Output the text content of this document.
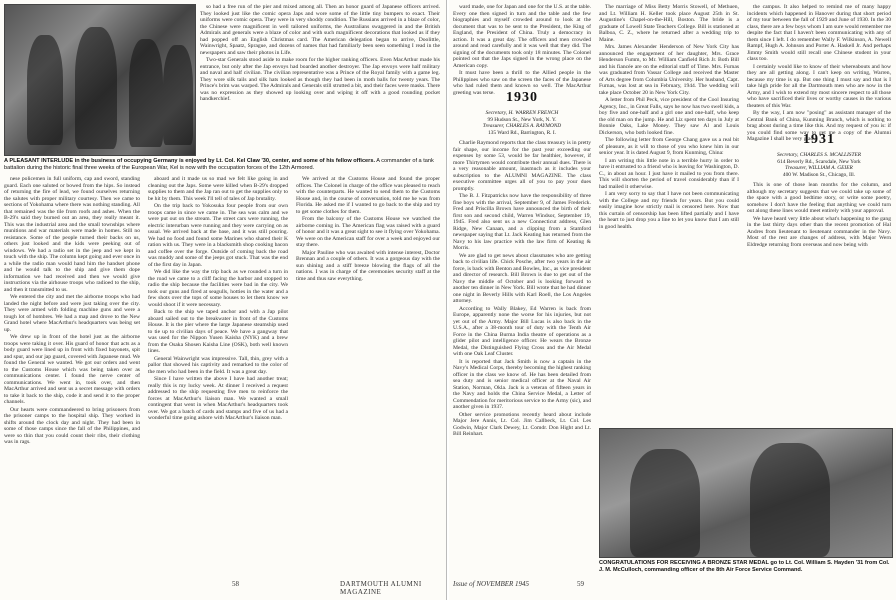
A PLEASANT INTERLUDE in the business of occupying Germany is enjoyed by Lt. Col. Kel Claw '30, center, and some of his fellow officers. A commander of a tank battalion during the historic final three weeks of the European War, Kel is now with the occupation forces of the 12th Armored.

nese policemen in full uniform, cap and sword, standing guard. Each one saluted or bowed from the hips. So instead of returning the fire of lead, we found ourselves returning the salutes with proper military courtesy. Then we came to sections of Yokohama where there was nothing standing. All that remained was the tile from roofs and ashes. When the B-29's said they burned out an area, they really meant it. This was the industrial area and the small townships where munitions and war materials were made in homes. Still no resistance. Some of the people turned their backs on us, others just looked and the kids were peeking out of windows. We had a radio set in the jeep and we kept in touch with the ship. The column kept going and ever once in a while the radio man would hand him the handset phone and he would talk to the ship and give them dope information we had received and then we would give instructions via the airhouse troops who radioed to the ship, and then it transmitted to us.

We entered the city and met the airborne troops who had landed the night before and were just taking over the city. They were armed with folding machine guns and were a tough lot of hombres. We had a map and drove to the New Grand hotel where MacArthur's headquarters was being set up.

We drew up in front of the hotel just as the airborne troops were taking it over. His guard of honor that acts as a body guard were lined up in front with fixed bayonets, spit and spur, and our jap guard, covered with Japanese mud. We found the General we wanted. We got our orders and went to the Customs House which was being taken over as communications center. I found the nerve center of communications. We went in, took over, and then MacArthur arrived and sent us a secret message with orders to take it back to the ship, code it and send it to the proper channels.

Our hearts were commandeered to bring prisoners from the prisoner camps to the hospital ship. They worked in shifts around the clock day and night. They had been in some of those camps since the fall of the Philippines, and were so thin that you could count their ribs, their clothing was in rags.

aboard and it made us so mad we felt like going in and cleaning out the Japs. Some were killed when B-29's dropped supplies to them and the Jap ran out to get the supplies only to be hit by them. This week I'll tell of tales of Jap brutality.

On the trip back to Yokosuka four people from our own troops came in since we came in. The sea was calm and we were put out on the stream. The street cars were running, the electric interurban were running and they were carrying on as usual. We arrived back at the base, and it was still pouring. We had no food and found some Marines who shared their K ration with us. They were in a blacksmith shop cooking bacon and coffee over the forge. Outside of coming back the road was muddy and some of the jeeps got stuck. That was the end of the first day in Japan.

We did like the way the trip back as we rounded a turn in the road we came to a cliff facing the harbor and stopped to radio the ship because the facilities were bad in the city. We took our guns and fired at seagulls, hotties in the water and a few shots over the tops of some houses to let them know we would shoot if it were necessary.

Back to the ship we taped anchor and with a Jap pilot aboard sailed out to the breakwater in front of the Customs House. It is the pier where the large Japanese steamship used to tie up to civilian days of peace. We have a gangway that was used for the Nippon Yusen Kaisha (NYK) and a brew from the Osaka Shosen Kaisha Line (OSK), both well known lines.

General Wainwright was impressive. Tall, thin, grey with a pallor that showed his captivity and remarked to the color of the men who had been in the field. It was a great day.

Since I have written the above I have had another treat; really this is my lucky week. At dinner I received a request addressed to the ship requesting five men to reinforce the forces at MacArthur's liaison man. We wanted a small contingent that went in when MacArthur's headquarters took over. We got a batch of cards and stamps and five of us had a wonderful time going ashore with MacArthur's liaison man.

so had a free run of the pier and mixed among all. Then an honor guard of Japanese officers arrived. They looked just like the comic opera Japs and wore some of the little tiny bumpers to exact. Their uniforms were comic opera. They were in very shoddy condition. The Russians arrived in a blaze of color, the Chinese were magnificent in well tailored uniforms, the Australians swaggered in and the British Admirals and generals were a blaze of color and with such magnificent decorations that looked as if they had popped off an English Christmas card. The American delegation began to arrive, Doolittle, Wainwright, Spaatz, Sprague, and dozens of names that had familiarly been seen something I read in the newspapers and saw their photos in Life.

Two-star Generals stood aside to make room for the higher ranking officers. Even MacArthur made his entrance, but only after the Jap envoys had boarded another destroyer. The Jap envoys were half military and naval and half civilian. The civilian representative was a Prince of the Royal family with a game leg. They wore silk tails and silk hats looked as though they had been in moth balls for twenty years. The Prince's brim was warped. The Admirals and Generals still strutted a bit, and their faces were masks. There was no expression as they showed up looking over and wiping it off with a good rounding pocket handkerchief.

We arrived at the Customs House and found the proper offices. The Colonel in charge of the office was pleased to reach with the counterparts. He wanted to send them to the Customs House and, in the course of conversation, told me he was from Florida. He asked me if I wanted to go back to the ship and try to get some clothes for them.

From the balcony of the Customs House we watched the airborne coming in. The American flag was raised with a guard of honor and it was a great sight to see it flying over Yokohama. We were on the American staff for over a week and enjoyed our stay there.

Major Pauline who was awaited with intense interest, Doctor Brennan and a couple of others. It was a gorgeous day with the sun shining and a stiff breeze blowing the flags of all the nations. I was in charge of the ceremonies security staff at the time and thus saw everything.

58	DARTMOUTH ALUMNI MAGAZINE

ward made, one for Japan and one for the U.S. at the table. Every one then signed in turn and the table and the few biographies and myself crowded around to look at the document that was to be sent to the President, the King of England, the President of China. Truly a democracy in action. It was a great day. The officers and men crowded around and read carefully and it was well that they did. The signing of the documents took only 18 minutes. The Colonel pointed out that the Japs signed in the wrong place on the American copy.

It must have been a thrill to the Allied people in the Philippines who saw on the screen the faces of the Japanese who had ruled them and known so well. The MacArthur greeting was terse. 1930
Secretary, H. WARREN FRENCH
99 Hudson St., New York, N. Y.
Treasurer, CHARLES A. RAYMOND
135 Ward Rd., Barrington, R. I.

Charlie Raymond reports that the class treasury is in pretty fair shape, our income for the past year exceeding our expenses by some 53, would be far healthier, however, if more Thirtymen would contribute their annual dues. There is a very reasonable amount, inasmuch as it includes your subscription to the ALUMNI MAGAZINE. The class executive committee urges all of you to pay your dues promptly.

The B. J. Fitzpatricks now have the responsibility of three fine boys with the arrival, September 9, of James Frederick. Fred and Priscilla Brown have announced the birth of their first son and second child, Warren Windsor, September 19, 1945. Fred also sent us a new Connecticut address, Glen Ridge, New Canaan, and a clipping from a Stamford newspaper saying that Lt. Jack Keating has returned from the Navy to his law practice with the law firm of Keating & Morris.

We are glad to get news about classmates who are getting back to civilian life. Chick Posche, after two years in the air force, is back with Benton and Bowles, Inc., as vice president and director of research. Bill Brown is due to get out of the Navy the middle of October and is looking forward to another ten dinner in New York. Bill wrote that he had dinner one night in Beverly Hills with Karl Roell, the Los Angeles attorney.

According to Wally Blakey, Ed Warren is back from Europe, apparently none the worse for his injuries, but not yet out of the Army. Major Bill Lucas is also back in the U.S.A., after a 38-month tour of duty with the Tenth Air Force in the China Burma India theatre of operations as a glider pilot and intelligence officer. He wears the Bronze Medal, the Distinguished Flying Cross and the Air Medal with one Oak Leaf Cluster.

It is reported that Jack Smith is now a captain in the Navy's Medical Corps, thereby becoming the highest ranking officer in the class we know of. He has been detailed from sea duty and is senior medical officer at the Naval Air Station, Norman, Okla. Jack is a veteran of fifteen years in the Navy and holds the China Service Medal, a Letter of Commendation for meritorious service to the Army (sic), and another given in 1937.

Other service promotions recently heard about include Major Jere Annis, Lt. Col. Jim Callbeck, Lt. Col. Les Godwin, Major Clark Dewey, Lt. Comdr. Don Hight and Lt. Bill Reinhart.

The marriage of Miss Betty Morris Stowell, of Methuen, and Lt. William H. Keller took place August 25th in St. Augustine's Chapel-on-the-Hill, Boston. The bride is a graduate of Lowell State Teachers College. Bill is stationed at Balboa, C. Z., where he returned after a wedding trip to Maine.

Mrs. James Alexander Henderson of New York City has announced the engagement of her daughter, Mrs. Grace Henderson Fumm, to Mr. William Canfield Rich Jr. Both Bill and his fiancée are on the editorial staff of Time. Mrs. Furnas was graduated from Vassar College and received the Master of Arts degree from Columbia University. Her husband, Capt. Furnas, was lost at sea in February, 1944. The wedding will take place October 20 in New York City.

A letter from Phil Peck, vice president of the Cool Insuring Agency, Inc., in Great Falls, says he now has two swell kids, a boy five and one-half and a girl one and one-half, who keep the old man on the jump. He and Liz spent ten days in July at Bonnie Oaks, Lake Money. They saw Al and Louis Dickerson, who both looked fine.

The following letter from George Chang gave us a real bit of pleasure, as it will to those of you who knew him in our senior year. It is dated August 9, from Kunming, China:

I am writing this little note in a terrible hurry in order to have it entrusted to a friend who is leaving for Washington, D. C., in about an hour. I just have it mailed to you from there. This will shorten the period of travel considerably than if I had mailed it otherwise.

I am very sorry to say that I have not been communicating with the College and my friends for years. But you could easily imagine how strictly mail is censored here. Now that this curtain of censorship has been lifted partially and I have the heart to just drop you a line to let you know that I am still in good health.

the campus. It also helped to remind me of many happy incidents which happened in Hanover during that short period of my tour between the fall of 1929 and June of 1930. In the 30 class, there are a few boys whom I am sure would remember me despite the fact that I haven't been communicating with any of them since I left. I do remember Wally F. Wilkinson, A. Newell Rampf, Hugh A. Johnson and Porter A. Haskell Jr. And perhaps Jimmy Smith would still recall one Chinese student in your class too.

I certainly would like to know of their whereabouts and how they are all getting along. I can't keep on writing, Warren, because my time is up. But one thing I must say and that is I take high pride for all the Dartmouth men who are now in the Army, and I wish to extend my most sincere respect to all those who have sacrificed their lives or worthy causes in the various theaters of this War.

By the way, I am now "posing" as assistant manager of the Central Bank of China, Kunming Branch, which is nothing to brag about during a time like this. And my request of you is: if you could find some way to get me a copy of the Alumni Magazine I shall be very glad.

1931
Secretary, CHARLES S. MCALLISTER
614 Beverly Rd., Scarsdale, New York
Treasurer, WILLIAM A. GEIER
400 W. Madison St., Chicago, Ill.

This is one of those lean months for the column, and although my secretary suggests that we could take up some of the space with a good bedtime story, or write some poetry, somehow I don't have the feeling that anything we could turn out along these lines would meet entirely with your approval.

We have heard very little about what's happening to the gang in the last thirty days other than the recent promotion of Hal Andres from lieutenant to lieutenant commander in the Navy. Most of the rest are changes of address, with Major Wern Eldredge returning from overseas and now being with

CONGRATULATIONS FOR RECEIVING A BRONZE STAR MEDAL go to Lt. Col. William S. Hayden '31 from Col. J. M. McCulloch, commanding officer of the 8th Air Force Service Command.
Issue of NOVEMBER 1945	59
